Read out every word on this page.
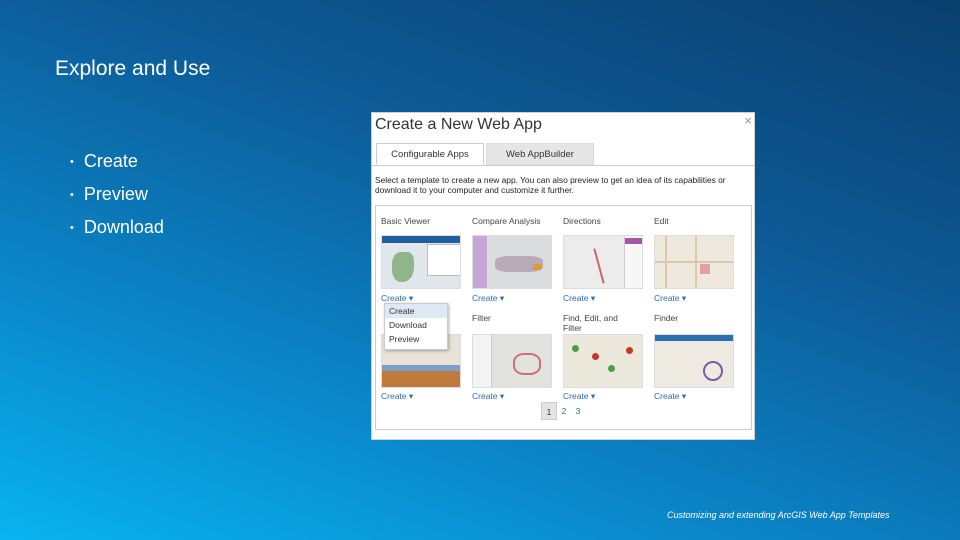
Explore and Use
• Create
• Preview
• Download
Create a New Web App	×
Configurable Apps	Web AppBuilder
Select a template to create a new app. You can also preview to get an idea of its capabilities or download it to your computer and customize it further.
Basic Viewer	Compare Analysis	Directions	Edit
Create ▾	Create ▾	Create ▾	Create ▾
Filter	Find, Edit, and Filter
Finder
Create ▾	Create ▾	Create ▾	Create ▾
Create
Download
Preview
1	2	3
Customizing and extending ArcGIS Web App Templates
